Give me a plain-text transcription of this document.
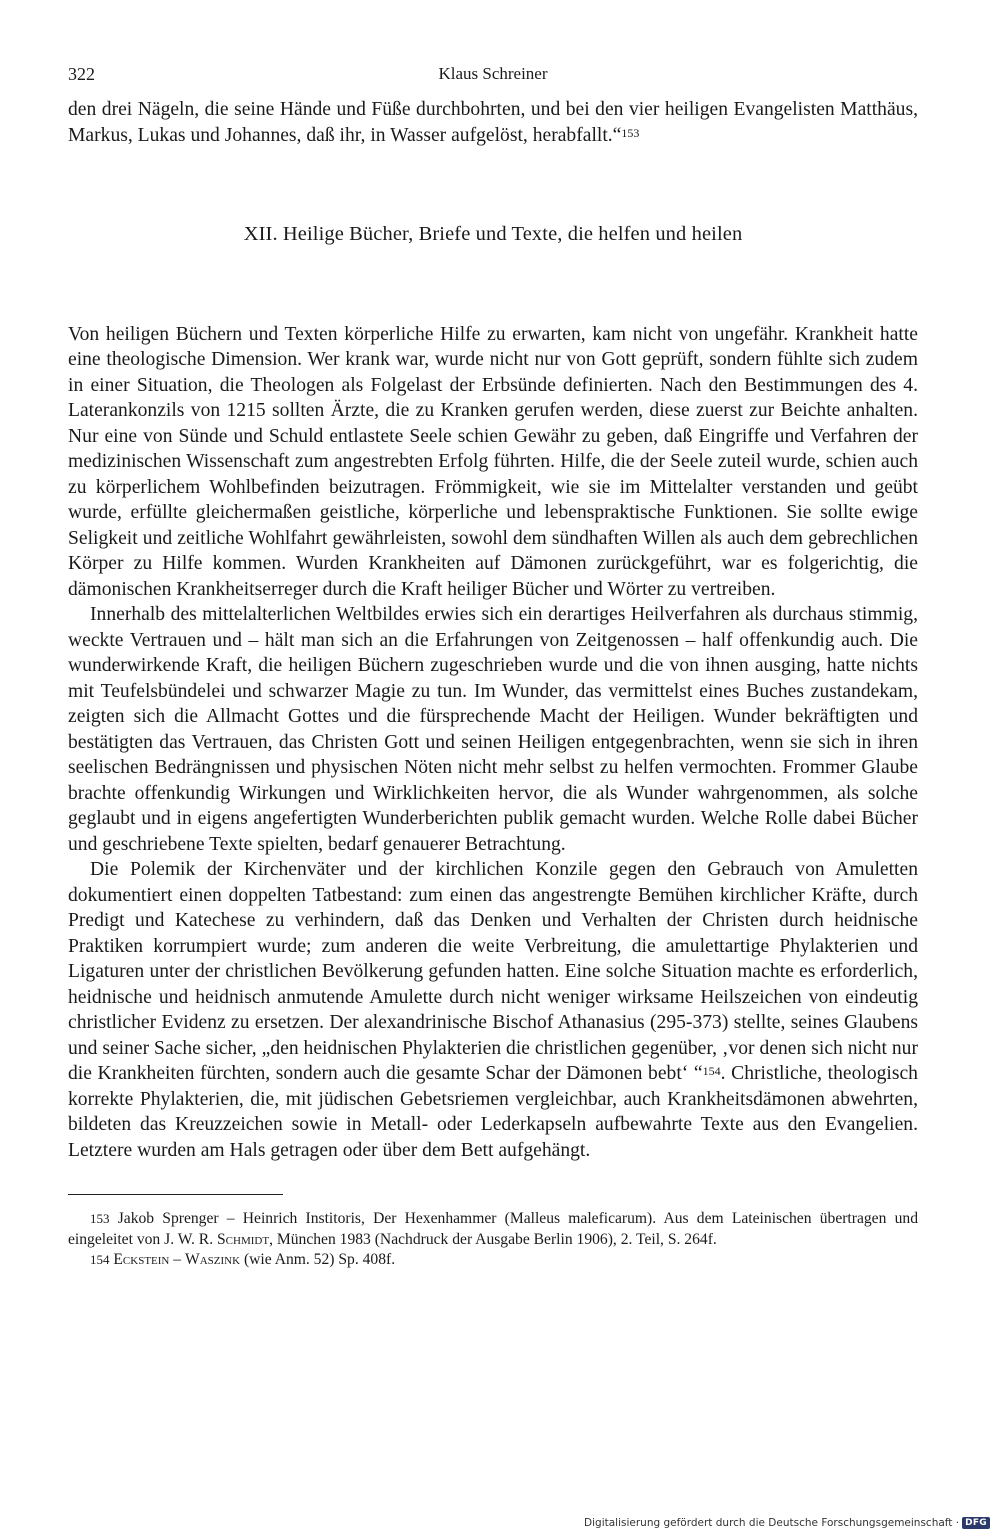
322	Klaus Schreiner

den drei Nägeln, die seine Hände und Füße durchbohrten, und bei den vier heiligen Evangelisten Matthäus, Markus, Lukas und Johannes, daß ihr, in Wasser aufgelöst, herabfallt.“$^{153}$

XII. Heilige Bücher, Briefe und Texte, die helfen und heilen

Von heiligen Büchern und Texten körperliche Hilfe zu erwarten, kam nicht von ungefähr. Krankheit hatte eine theologische Dimension. Wer krank war, wurde nicht nur von Gott geprüft, sondern fühlte sich zudem in einer Situation, die Theologen als Folgelast der Erbsünde definierten. Nach den Bestimmungen des 4. Laterankonzils von 1215 sollten Ärzte, die zu Kranken gerufen werden, diese zuerst zur Beichte anhalten. Nur eine von Sünde und Schuld entlastete Seele schien Gewähr zu geben, daß Eingriffe und Verfahren der medizinischen Wissenschaft zum angestrebten Erfolg führten. Hilfe, die der Seele zuteil wurde, schien auch zu körperlichem Wohlbefinden beizutragen. Frömmigkeit, wie sie im Mittelalter verstanden und geübt wurde, erfüllte gleichermaßen geistliche, körperliche und lebenspraktische Funktionen. Sie sollte ewige Seligkeit und zeitliche Wohlfahrt gewährleisten, sowohl dem sündhaften Willen als auch dem gebrechlichen Körper zu Hilfe kommen. Wurden Krankheiten auf Dämonen zurückgeführt, war es folgerichtig, die dämonischen Krankheitserreger durch die Kraft heiliger Bücher und Wörter zu vertreiben.

Innerhalb des mittelalterlichen Weltbildes erwies sich ein derartiges Heilverfahren als durchaus stimmig, weckte Vertrauen und – hält man sich an die Erfahrungen von Zeitgenossen – half offenkundig auch. Die wunderwirkende Kraft, die heiligen Büchern zugeschrieben wurde und die von ihnen ausging, hatte nichts mit Teufelsbündelei und schwarzer Magie zu tun. Im Wunder, das vermittelst eines Buches zustandekam, zeigten sich die Allmacht Gottes und die fürsprechende Macht der Heiligen. Wunder bekräftigten und bestätigten das Vertrauen, das Christen Gott und seinen Heiligen entgegenbrachten, wenn sie sich in ihren seelischen Bedrängnissen und physischen Nöten nicht mehr selbst zu helfen vermochten. Frommer Glaube brachte offenkundig Wirkungen und Wirklichkeiten hervor, die als Wunder wahrgenommen, als solche geglaubt und in eigens angefertigten Wunderberichten publik gemacht wurden. Welche Rolle dabei Bücher und geschriebene Texte spielten, bedarf genauerer Betrachtung.

Die Polemik der Kirchenväter und der kirchlichen Konzile gegen den Gebrauch von Amuletten dokumentiert einen doppelten Tatbestand: zum einen das angestrengte Bemühen kirchlicher Kräfte, durch Predigt und Katechese zu verhindern, daß das Denken und Verhalten der Christen durch heidnische Praktiken korrumpiert wurde; zum anderen die weite Verbreitung, die amulettartige Phylakterien und Ligaturen unter der christlichen Bevölkerung gefunden hatten. Eine solche Situation machte es erforderlich, heidnische und heidnisch anmutende Amulette durch nicht weniger wirksame Heilszeichen von eindeutig christlicher Evidenz zu ersetzen. Der alexandrinische Bischof Athanasius (295-373) stellte, seines Glaubens und seiner Sache sicher, „den heidnischen Phylakterien die christlichen gegenüber, ‚vor denen sich nicht nur die Krankheiten fürchten, sondern auch die gesamte Schar der Dämonen bebt‘ “$^{154}$. Christliche, theologisch korrekte Phylakterien, die, mit jüdischen Gebetsriemen vergleichbar, auch Krankheitsdämonen abwehrten, bildeten das Kreuzzeichen sowie in Metall- oder Lederkapseln aufbewahrte Texte aus den Evangelien. Letztere wurden am Hals getragen oder über dem Bett aufgehängt.

153 Jakob Sprenger – Heinrich Institoris, Der Hexenhammer (Malleus maleficarum). Aus dem Lateinischen übertragen und eingeleitet von J. W. R. Schmidt, München 1983 (Nachdruck der Ausgabe Berlin 1906), 2. Teil, S. 264f.

154 Eckstein – Waszink (wie Anm. 52) Sp. 408f.

Digitalisierung gefördert durch die Deutsche Forschungsgemeinschaft · DFG
